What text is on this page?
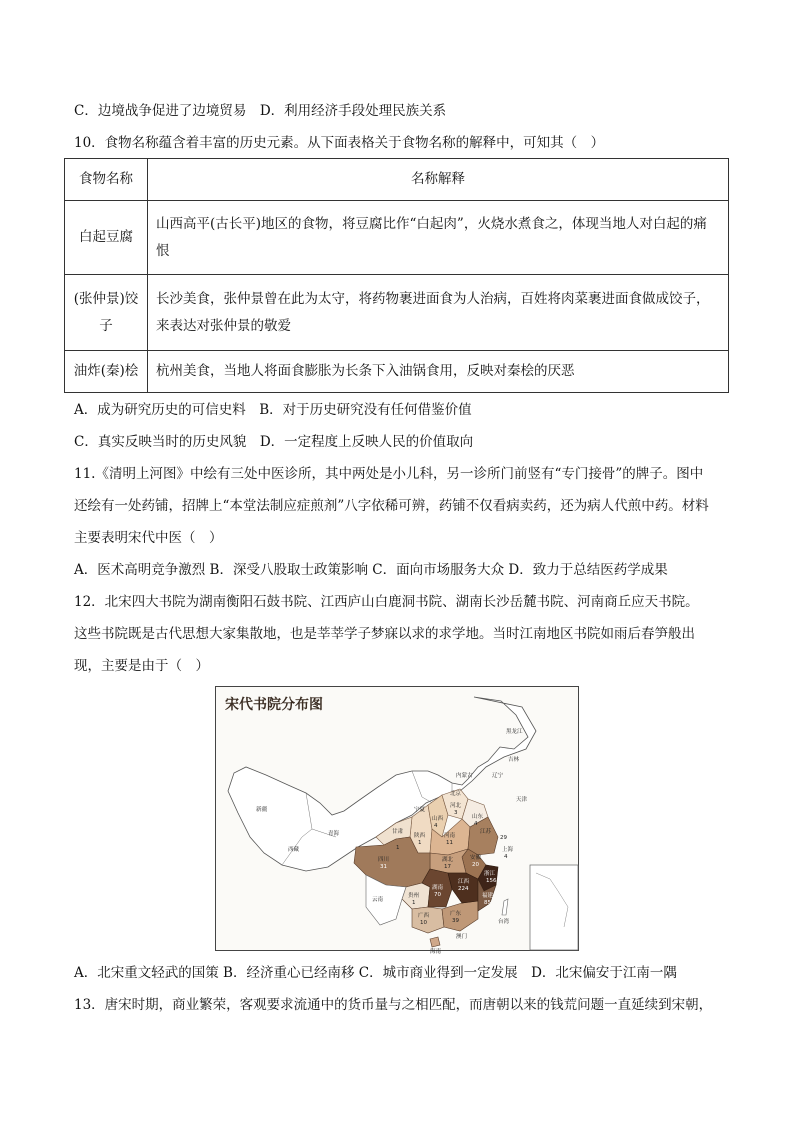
C．边境战争促进了边境贸易　D．利用经济手段处理民族关系
10．食物名称蕴含着丰富的历史元素。从下面表格关于食物名称的解释中，可知其（　）
食物名称	名称解释
白起豆腐	山西高平(古长平)地区的食物，将豆腐比作“白起肉”，火烧水煮食之，体现当地人对白起的痛
恨
(张仲景)饺
子	长沙美食，张仲景曾在此为太守，将药物裹进面食为人治病，百姓将肉菜裹进面食做成饺子，
来表达对张仲景的敬爱
油炸(秦)桧	杭州美食，当地人将面食膨胀为长条下入油锅食用，反映对秦桧的厌恶
A．成为研究历史的可信史料　B．对于历史研究没有任何借鉴价值
C．真实反映当时的历史风貌　D．一定程度上反映人民的价值取向
11.《清明上河图》中绘有三处中医诊所，其中两处是小儿科，另一诊所门前竖有“专门接骨”的牌子。图中
还绘有一处药铺，招牌上“本堂法制应症煎剂”八字依稀可辨，药铺不仅看病卖药，还为病人代煎中药。材料
主要表明宋代中医（　）
A．医术高明竞争激烈 B．深受八股取士政策影响 C．面向市场服务大众 D．致力于总结医药学成果
12．北宋四大书院为湖南衡阳石鼓书院、江西庐山白鹿洞书院、湖南长沙岳麓书院、河南商丘应天书院。
这些书院既是古代思想大家集散地，也是莘莘学子梦寐以求的求学地。当时江南地区书院如雨后春笋般出
现，主要是由于（　）
宋代书院分布图
黑龙江
吉林
辽宁
内蒙古
北京
天津
新疆
青海
西藏
甘肃
宁夏
山西
河北
山东
陕西	河南
江苏
安徽
上海
湖北
四川
湖南
江西
浙江
福建
贵州
云南
广西	广东
台湾
海南
澳门
3
4	4
1	11
29
20
4
17
31
70
224
156
85
1
10	39
1
A．北宋重文轻武的国策 B．经济重心已经南移 C．城市商业得到一定发展　D．北宋偏安于江南一隅
13．唐宋时期，商业繁荣，客观要求流通中的货币量与之相匹配，而唐朝以来的钱荒问题一直延续到宋朝，
